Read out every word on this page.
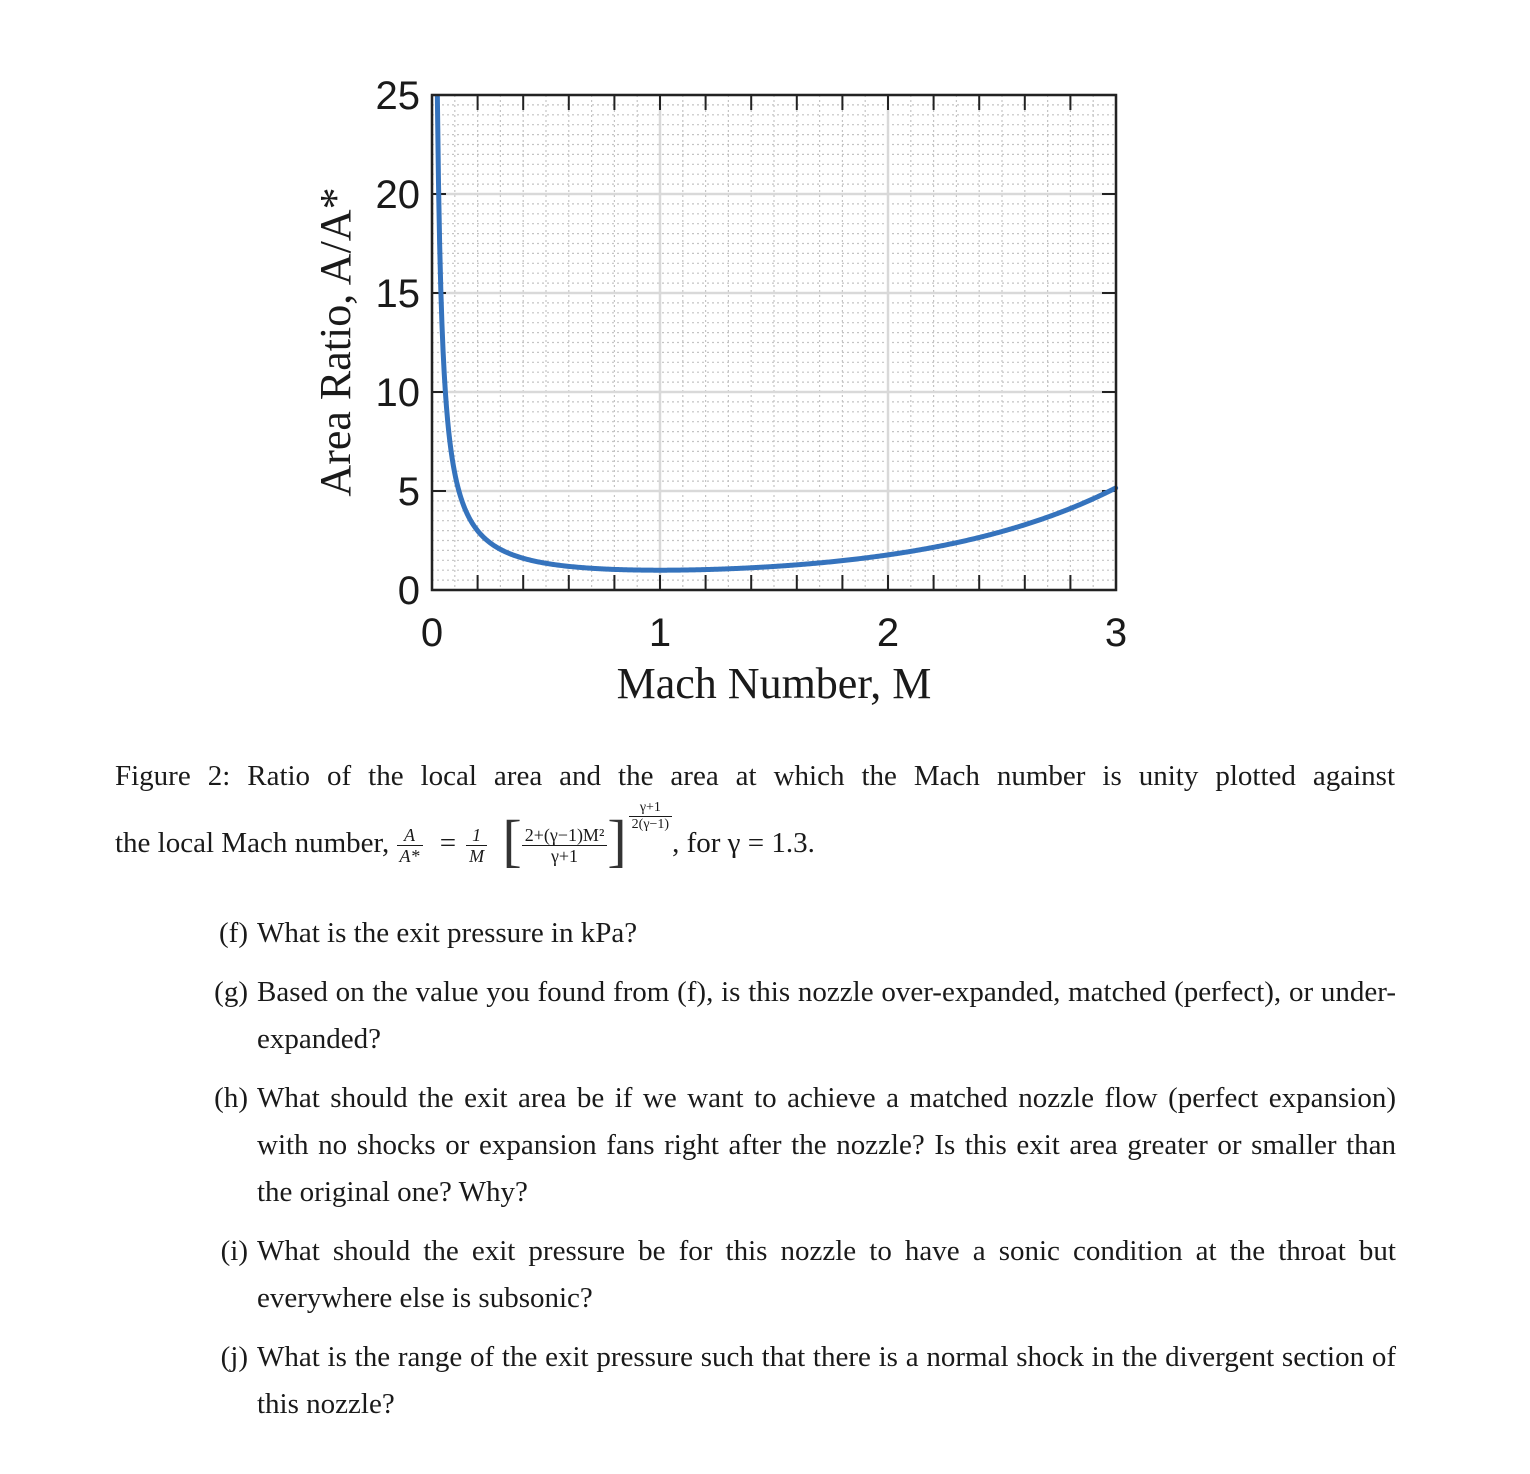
0	1	2	3
0
5
10
15
20
25
Mach Number, M
Area Ratio, A/A*
Figure 2: Ratio of the local area and the area at which the Mach number is unity plotted against
the local Mach number, $\frac{A}{A*} = \frac{1}{M}$ [ $\frac{\text{2+(γ−1)M²}}{\gamma+1}$ ] $\frac{\gamma+1}{2(\gamma-1)}$
, for γ = 1.3.
(f) What is the exit pressure in kPa?
(g) Based on the value you found from (f), is this nozzle over-expanded, matched (perfect), or under-expanded?
(h) What should the exit area be if we want to achieve a matched nozzle flow (perfect expansion) with no shocks or expansion fans right after the nozzle? Is this exit area greater or smaller than the original one? Why?
(i) What should the exit pressure be for this nozzle to have a sonic condition at the throat but everywhere else is subsonic?
(j) What is the range of the exit pressure such that there is a normal shock in the divergent section of this nozzle?
